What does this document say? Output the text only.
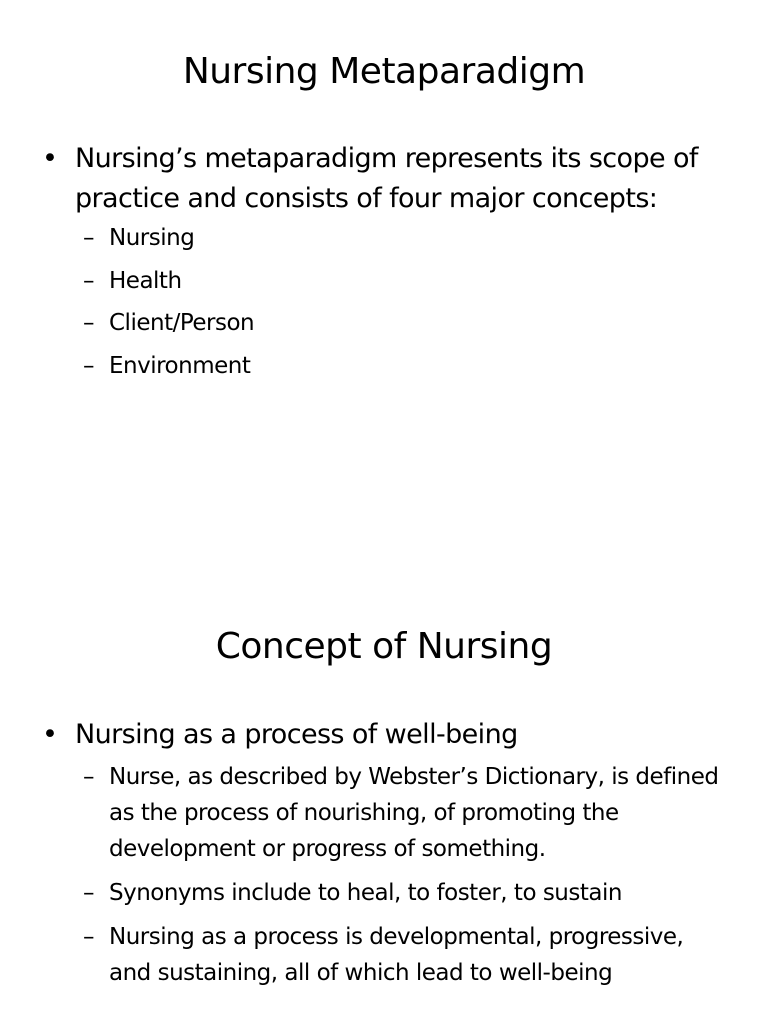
Nursing Metaparadigm
• Nursing’s metaparadigm represents its scope of practice and consists of four major concepts:
– Nursing
– Health
– Client/Person
– Environment
Concept of Nursing
• Nursing as a process of well-being
– Nurse, as described by Webster’s Dictionary, is defined as the process of nourishing, of promoting the development or progress of something.
– Synonyms include to heal, to foster, to sustain
– Nursing as a process is developmental, progressive, and sustaining, all of which lead to well-being
